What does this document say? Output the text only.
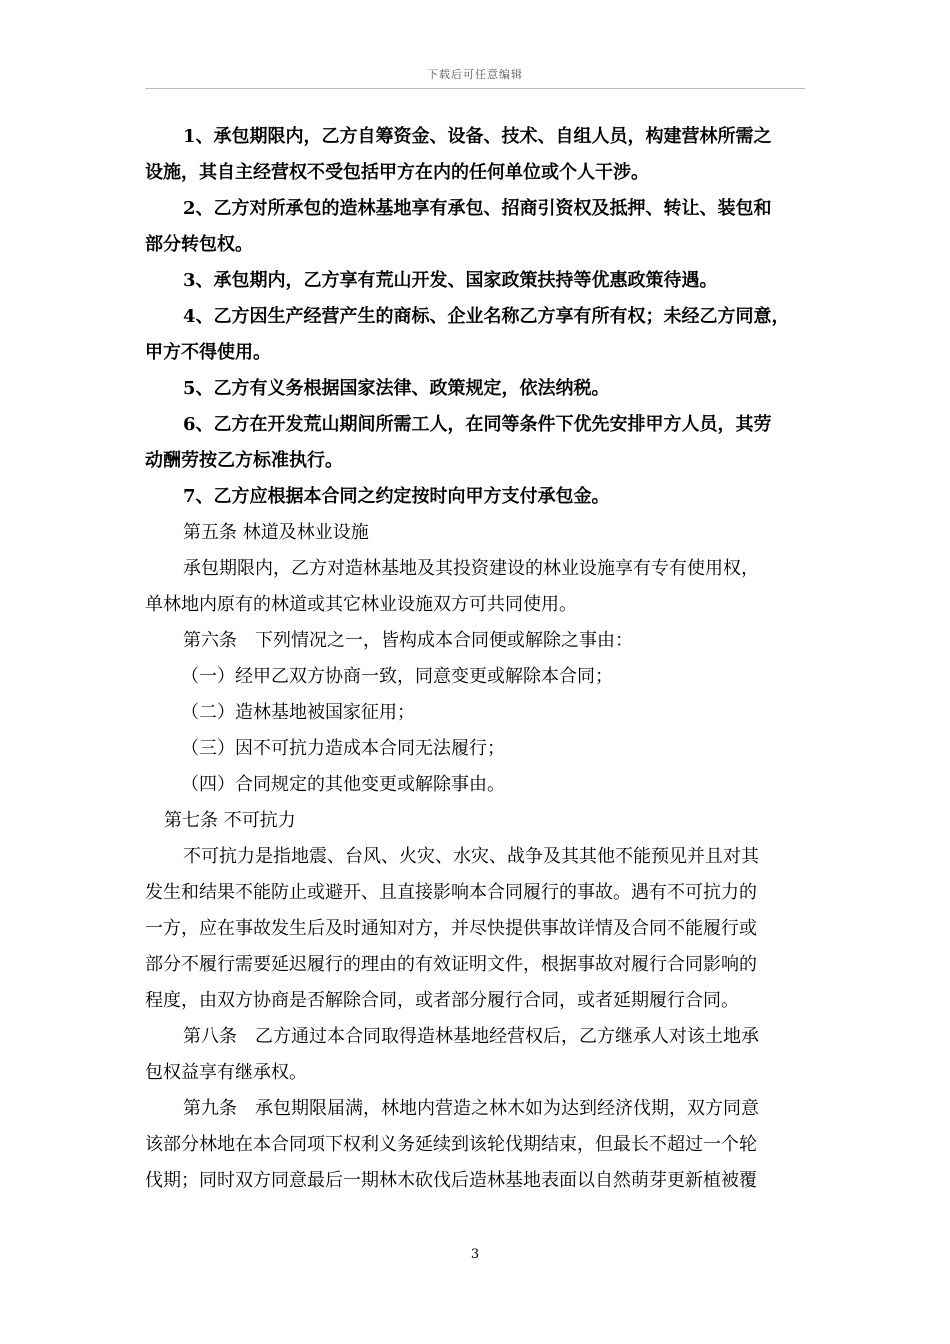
下载后可任意编辑
1、承包期限内，乙方自筹资金、设备、技术、自组人员，构建营林所需之
设施，其自主经营权不受包括甲方在内的任何单位或个人干涉。
2、乙方对所承包的造林基地享有承包、招商引资权及抵押、转让、装包和
部分转包权。
3、承包期内，乙方享有荒山开发、国家政策扶持等优惠政策待遇。
4、乙方因生产经营产生的商标、企业名称乙方享有所有权；未经乙方同意，
甲方不得使用。
5、乙方有义务根据国家法律、政策规定，依法纳税。
6、乙方在开发荒山期间所需工人，在同等条件下优先安排甲方人员，其劳
动酬劳按乙方标准执行。
7、乙方应根据本合同之约定按时向甲方支付承包金。
第五条 林道及林业设施
承包期限内，乙方对造林基地及其投资建设的林业设施享有专有使用权，
单林地内原有的林道或其它林业设施双方可共同使用。
第六条　下列情况之一，皆构成本合同便或解除之事由：
（一）经甲乙双方协商一致，同意变更或解除本合同；
（二）造林基地被国家征用；
（三）因不可抗力造成本合同无法履行；
（四）合同规定的其他变更或解除事由。
第七条 不可抗力
不可抗力是指地震、台风、火灾、水灾、战争及其其他不能预见并且对其
发生和结果不能防止或避开、且直接影响本合同履行的事故。遇有不可抗力的
一方，应在事故发生后及时通知对方，并尽快提供事故详情及合同不能履行或
部分不履行需要延迟履行的理由的有效证明文件，根据事故对履行合同影响的
程度，由双方协商是否解除合同，或者部分履行合同，或者延期履行合同。
第八条　乙方通过本合同取得造林基地经营权后，乙方继承人对该土地承
包权益享有继承权。
第九条　承包期限届满，林地内营造之林木如为达到经济伐期，双方同意
该部分林地在本合同项下权利义务延续到该轮伐期结束，但最长不超过一个轮
伐期；同时双方同意最后一期林木砍伐后造林基地表面以自然萌芽更新植被覆
3
